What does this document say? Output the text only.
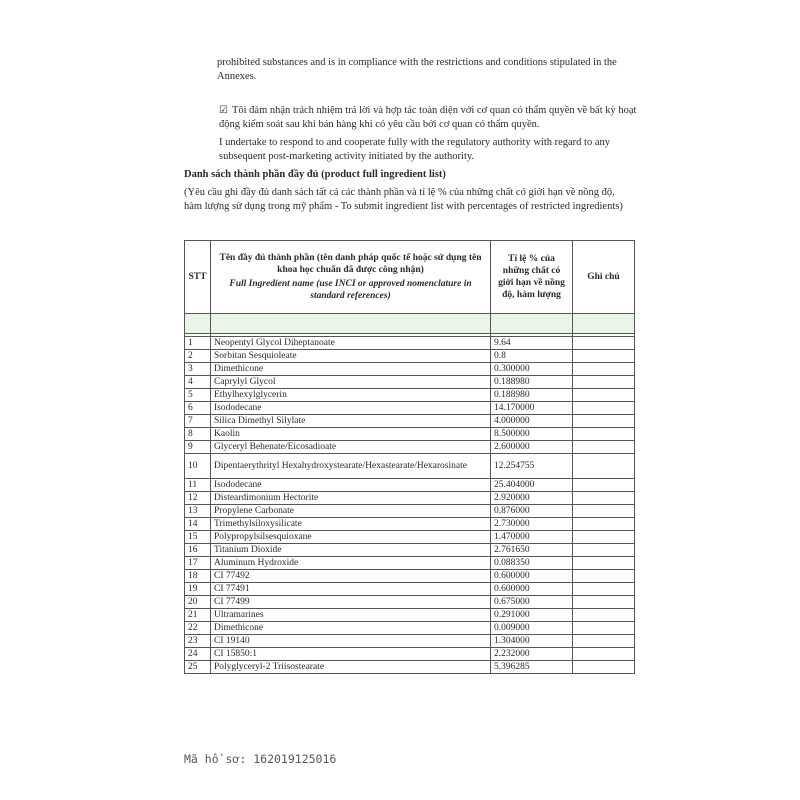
prohibited substances and is in compliance with the restrictions and conditions stipulated in the Annexes.
☑ Tôi đảm nhận trách nhiệm trả lời và hợp tác toàn diện với cơ quan có thẩm quyền về bất kỳ hoạt động kiểm soát sau khi bán hàng khi có yêu cầu bởi cơ quan có thẩm quyền.
I undertake to respond to and cooperate fully with the regulatory authority with regard to any subsequent post-marketing activity initiated by the authority.
Danh sách thành phần đầy đủ (product full ingredient list)
(Yêu cầu ghi đầy đủ danh sách tất cả các thành phần và tỉ lệ % của những chất có giới hạn về nồng độ, hàm lượng sử dụng trong mỹ phẩm - To submit ingredient list with percentages of restricted ingredients)
STT	Tên đầy đủ thành phần (tên danh pháp quốc tế hoặc sử dụng tên khoa học chuẩn đã được công nhận)
Full Ingredient name (use INCI or approved nomenclature in standard references)	Tỉ lệ % của những chất có giới hạn về nồng độ, hàm lượng	Ghi chú

1	Neopentyl Glycol Diheptanoate	9.64	
2	Sorbitan Sesquioleate	0.8	
3	Dimethicone	0.300000	
4	Caprylyl Glycol	0.188980	
5	Ethylhexylglycerin	0.188980	
6	Isododecane	14.170000	
7	Silica Dimethyl Silylate	4.000000	
8	Kaolin	8.500000	
9	Glyceryl Behenate/Eicosadioate	2.600000	
10	Dipentaerythrityl Hexahydroxystearate/Hexastearate/Hexarosinate	12.254755	
11	Isododecane	25.404000	
12	Disteardimonium Hectorite	2.920000	
13	Propylene Carbonate	0.876000	
14	Trimethylsiloxysilicate	2.730000	
15	Polypropylsilsesquioxane	1.470000	
16	Titanium Dioxide	2.761650	
17	Aluminum Hydroxide	0.088350	
18	CI 77492	0.600000	
19	CI 77491	0.600000	
20	CI 77499	0.675000	
21	Ultramarines	0.291000	
22	Dimethicone	0.009000	
23	CI 19140	1.304000	
24	CI 15850:1	2.232000	
25	Polyglyceryl-2 Triisostearate	5.396285	
Mã hồ sơ: 162019125016
